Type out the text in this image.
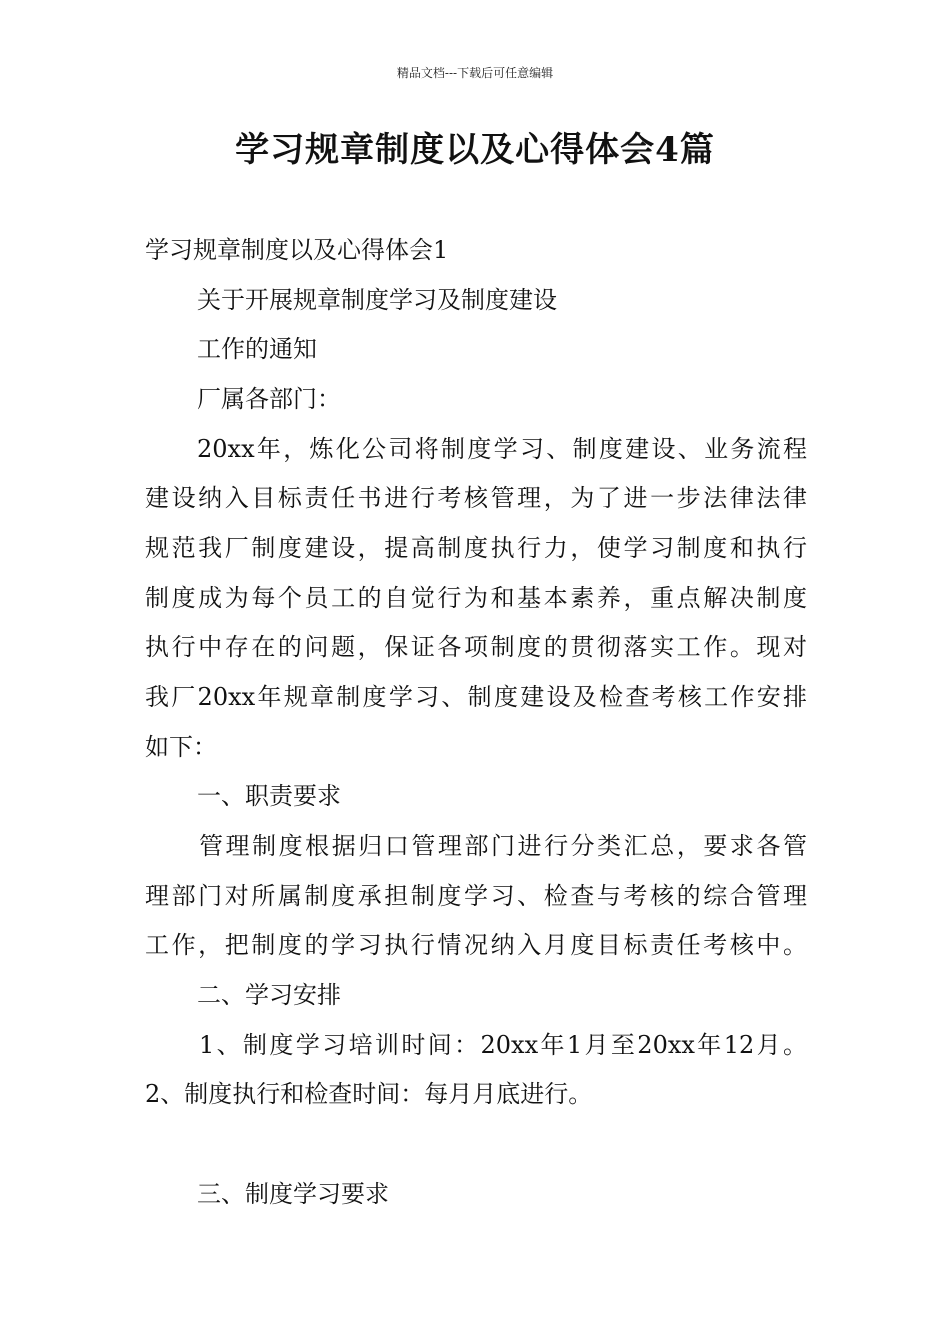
精品文档---下载后可任意编辑
学习规章制度以及心得体会4篇
学习规章制度以及心得体会1
关于开展规章制度学习及制度建设
工作的通知
厂属各部门：
20xx年，炼化公司将制度学习、制度建设、业务流程
建设纳入目标责任书进行考核管理，为了进一步法律法律
规范我厂制度建设，提高制度执行力，使学习制度和执行
制度成为每个员工的自觉行为和基本素养，重点解决制度
执行中存在的问题，保证各项制度的贯彻落实工作。现对
我厂20xx年规章制度学习、制度建设及检查考核工作安排
如下：
一、职责要求
管理制度根据归口管理部门进行分类汇总，要求各管
理部门对所属制度承担制度学习、检查与考核的综合管理
工作，把制度的学习执行情况纳入月度目标责任考核中。
二、学习安排
1、制度学习培训时间：20xx年1月至20xx年12月。
2、制度执行和检查时间：每月月底进行。
三、制度学习要求
